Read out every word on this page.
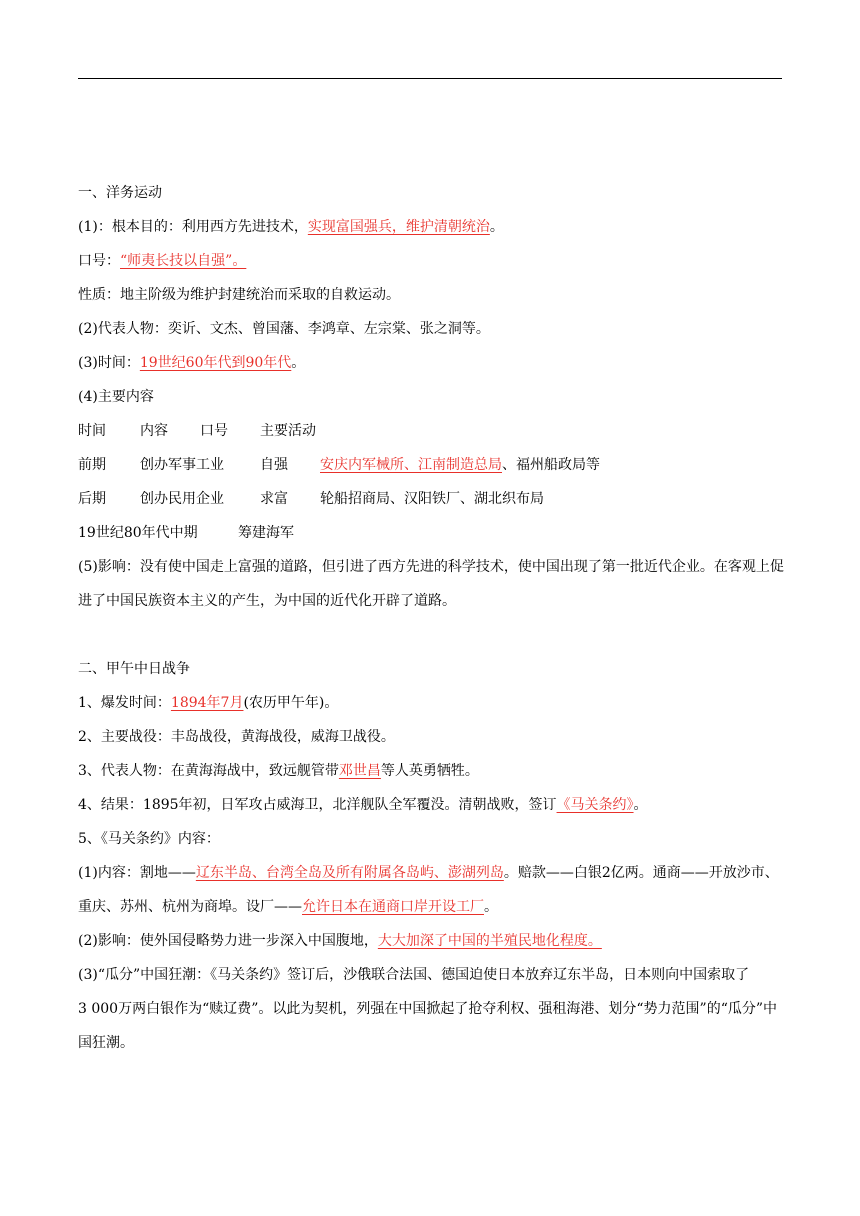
一、洋务运动
(1)：根本目的：利用西方先进技术，实现富国强兵，维护清朝统治。
口号：“师夷长技以自强”。
性质：地主阶级为维护封建统治而采取的自救运动。
(2)代表人物：奕䜣、文杰、曾国藩、李鸿章、左宗棠、张之洞等。
(3)时间：19世纪60年代到90年代。
(4)主要内容
时间	内容	口号	主要活动
前期	创办军事工业	自强	安庆内军械所、江南制造总局、福州船政局等
后期	创办民用企业	求富	轮船招商局、汉阳铁厂、湖北织布局
19世纪80年代中期	筹建海军
(5)影响：没有使中国走上富强的道路，但引进了西方先进的科学技术，使中国出现了第一批近代企业。在客观上促进了中国民族资本主义的产生，为中国的近代化开辟了道路。
二、甲午中日战争
1、爆发时间：1894年7月(农历甲午年)。
2、主要战役：丰岛战役，黄海战役，威海卫战役。
3、代表人物：在黄海海战中，致远舰管带邓世昌等人英勇牺牲。
4、结果：1895年初，日军攻占威海卫，北洋舰队全军覆没。清朝战败，签订《马关条约》。
5、《马关条约》内容：
(1)内容：割地——辽东半岛、台湾全岛及所有附属各岛屿、澎湖列岛。赔款——白银2亿两。通商——开放沙市、重庆、苏州、杭州为商埠。设厂——允许日本在通商口岸开设工厂。
(2)影响：使外国侵略势力进一步深入中国腹地，大大加深了中国的半殖民地化程度。
(3)“瓜分”中国狂潮：《马关条约》签订后，沙俄联合法国、德国迫使日本放弃辽东半岛，日本则向中国索取了
3 000万两白银作为“赎辽费”。以此为契机，列强在中国掀起了抢夺利权、强租海港、划分“势力范围”的“瓜分”中国狂潮。
